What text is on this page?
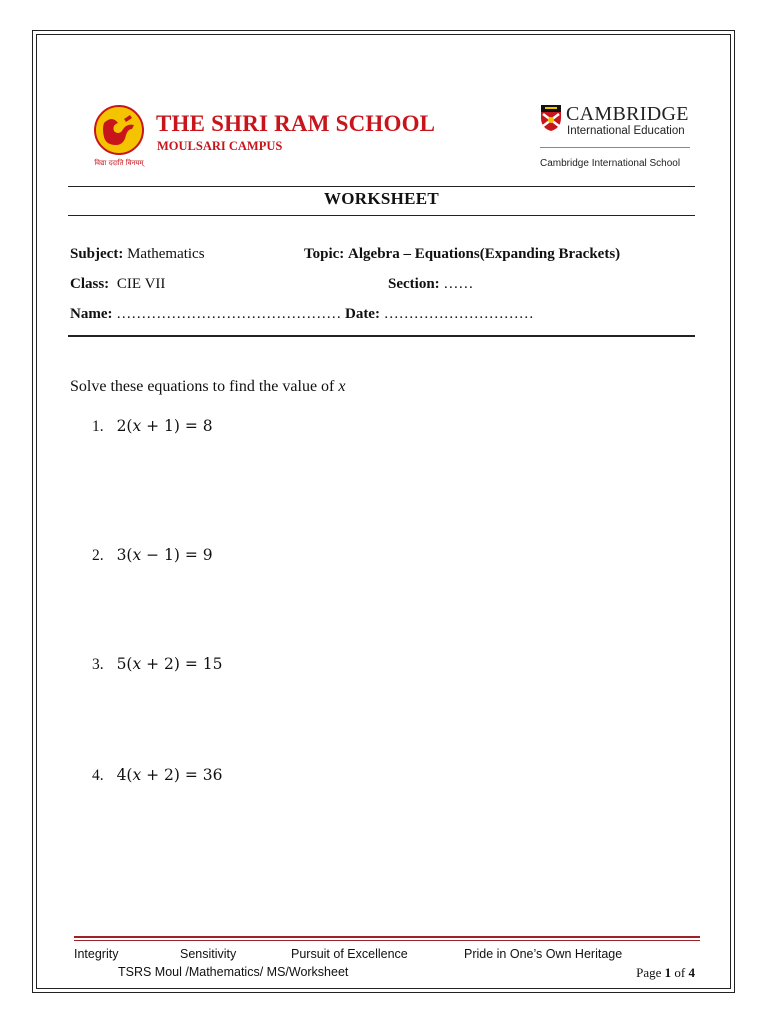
विद्या ददाति विनयम्
THE SHRI RAM SCHOOL
MOULSARI CAMPUS
CAMBRIDGE
International Education
Cambridge International School
WORKSHEET
Subject: Mathematics	Topic: Algebra – Equations(Expanding Brackets)
Class: CIE VII	Section: ……
Name: ……………………………………… Date: …………………………
Solve these equations to find the value of x
1. 2(𝑥 + 1) = 8
2. 3(𝑥 − 1) = 9
3. 5(𝑥 + 2) = 15
4. 4(𝑥 + 2) = 36
Integrity	Sensitivity	Pursuit of Excellence	Pride in One’s Own Heritage
TSRS Moul /Mathematics/ MS/Worksheet	Page 1 of 4
